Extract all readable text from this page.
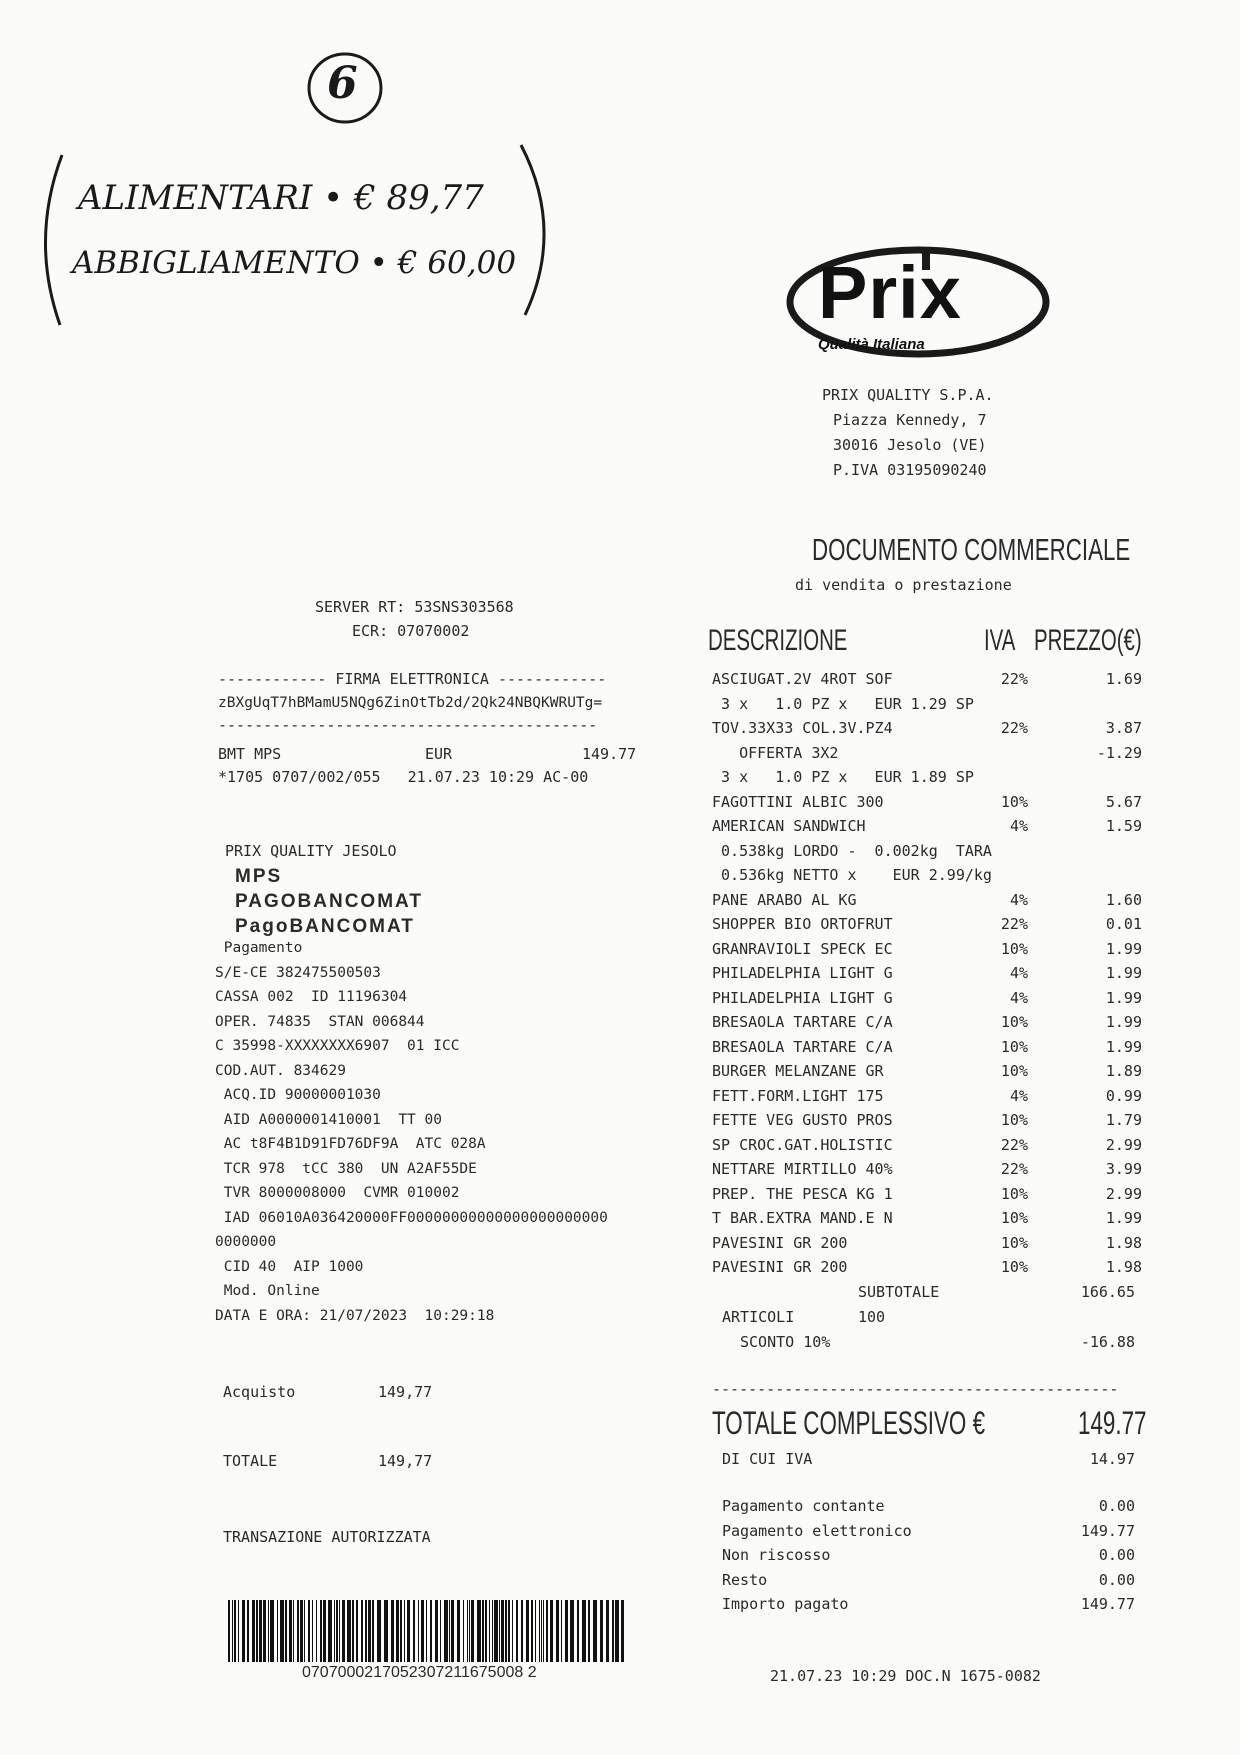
6
ALIMENTARI • € 89,77
ABBIGLIAMENTO • € 60,00	Prix
Qualità Italiana
PRIX QUALITY S.P.A.
Piazza Kennedy, 7
30016 Jesolo (VE)
P.IVA 03195090240
DOCUMENTO COMMERCIALE
di vendita o prestazione
DESCRIZIONE	IVA PREZZO(€)
ASCIUGAT.2V 4ROT SOF	22%	1.69
3 x   1.0 PZ x   EUR 1.29 SP
TOV.33X33 COL.3V.PZ4	22%	3.87
OFFERTA 3X2	-1.29
3 x   1.0 PZ x   EUR 1.89 SP
FAGOTTINI ALBIC 300	10%	5.67
AMERICAN SANDWICH	4%	1.59
0.538kg LORDO -  0.002kg  TARA
0.536kg NETTO x    EUR 2.99/kg
PANE ARABO AL KG	4%	1.60
SHOPPER BIO ORTOFRUT	22%	0.01
GRANRAVIOLI SPECK EC	10%	1.99
PHILADELPHIA LIGHT G	4%	1.99
PHILADELPHIA LIGHT G	4%	1.99
BRESAOLA TARTARE C/A	10%	1.99
BRESAOLA TARTARE C/A	10%	1.99
BURGER MELANZANE GR	10%	1.89
FETT.FORM.LIGHT 175	4%	0.99
FETTE VEG GUSTO PROS	10%	1.79
SP CROC.GAT.HOLISTIC	22%	2.99
NETTARE MIRTILLO 40%	22%	3.99
PREP. THE PESCA KG 1	10%	2.99
T BAR.EXTRA MAND.E N	10%	1.99
PAVESINI GR 200	10%	1.98
PAVESINI GR 200	10%	1.98
SUBTOTALE	166.65
ARTICOLI	100
SCONTO 10%	-16.88
---------------------------------------------
TOTALE COMPLESSIVO €	149.77
DI CUI IVA	14.97
Pagamento contante	0.00
Pagamento elettronico	149.77
Non riscosso	0.00
Resto	0.00
Importo pagato	149.77
21.07.23 10:29 DOC.N 1675-0082
SERVER RT: 53SNS303568
ECR: 07070002
------------ FIRMA ELETTRONICA ------------
zBXgUqT7hBMamU5NQg6ZinOtTb2d/2Qk24NBQKWRUTg=
------------------------------------------
BMT MPS	EUR	149.77
*1705 0707/002/055   21.07.23 10:29 AC-00
PRIX QUALITY JESOLO
MPS
PAGOBANCOMAT
PagoBANCOMAT
Pagamento
S/E-CE 382475500503
CASSA 002  ID 11196304
OPER. 74835  STAN 006844
C 35998-XXXXXXXX6907  01 ICC
COD.AUT. 834629
ACQ.ID 90000001030
AID A0000001410001  TT 00
AC t8F4B1D91FD76DF9A  ATC 028A
TCR 978  tCC 380  UN A2AF55DE
TVR 8000008000  CVMR 010002
IAD 06010A036420000FF00000000000000000000000
0000000
CID 40  AIP 1000
Mod. Online
DATA E ORA: 21/07/2023  10:29:18
Acquisto	149,77
TOTALE	149,77
TRANSAZIONE AUTORIZZATA
0707000217052307211675008 2
